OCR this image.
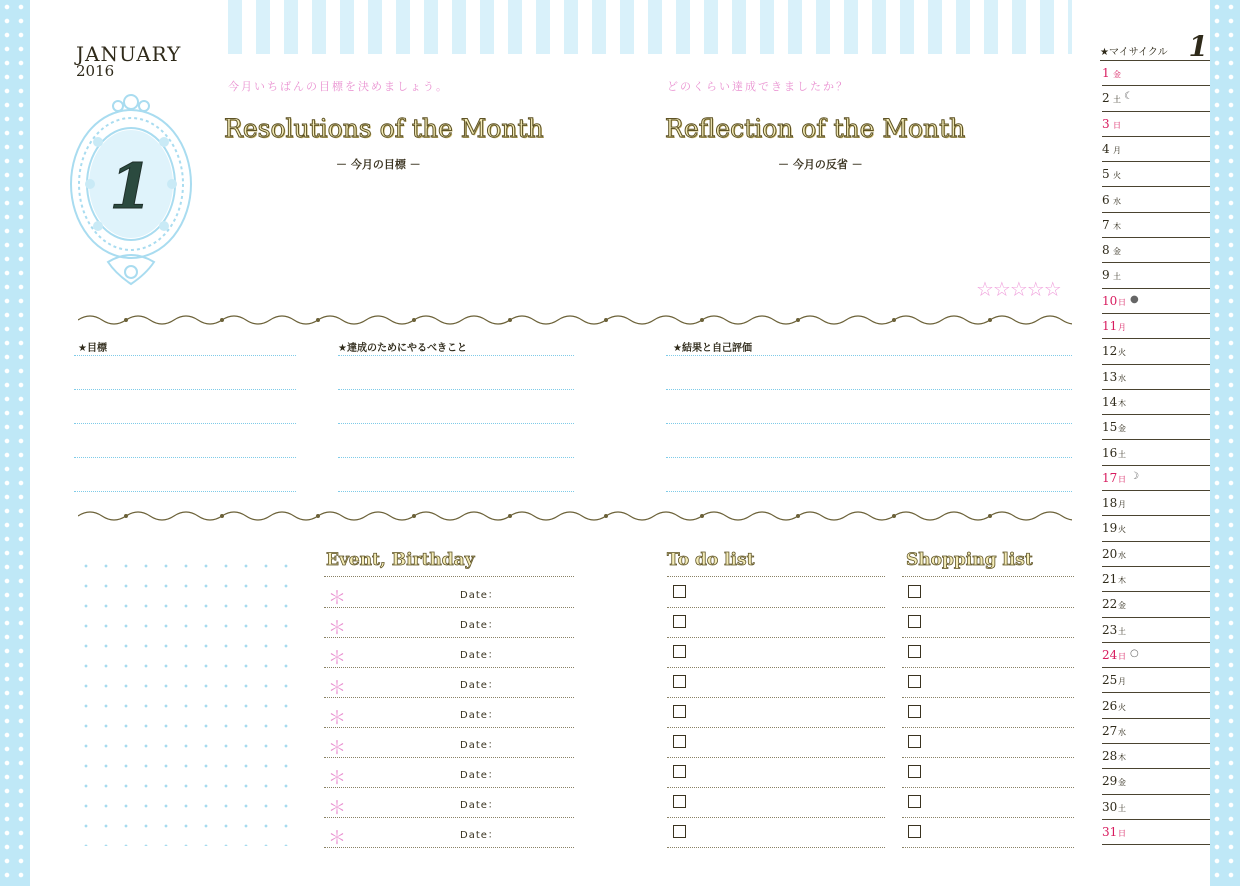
JANUARY
2016
1
今月いちばんの目標を決めましょう。
Resolutions of the Month
－ 今月の目標 －
どのくらい達成できましたか？
Reflection of the Month
－ 今月の反省 －
☆☆☆☆☆
★目標	★達成のためにやるべきこと	★結果と自己評価
Event, Birthday	To do list	Shopping list
＊	Date：
＊	Date：
＊	Date：
＊	Date：
＊	Date：
＊	Date：
＊	Date：
＊	Date：
＊	Date：
★マイサイクル 1
1 金
2 土 ☾
3 日
4 月
5 火
6 水
7 木
8 金
9 土
10 日 ●
11 月
12 火
13 水
14 木
15 金
16 土
17 日 ☽
18 月
19 火
20 水
21 木
22 金
23 土
24 日 ○
25 月
26 火
27 水
28 木
29 金
30 土
31 日
